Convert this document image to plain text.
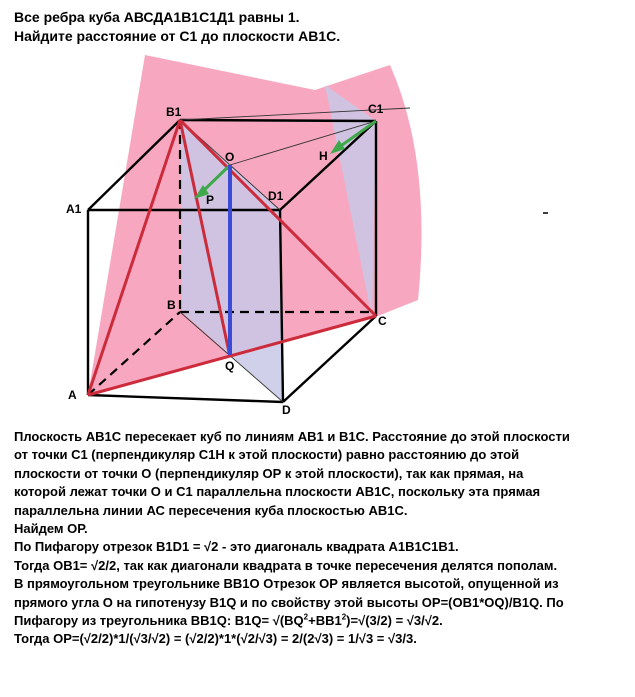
Все ребра куба АВСДА1В1С1Д1 равны 1.
Найдите расстояние от С1 до плоскости АВ1С.
B1	C1
A1
D1
O
P
H
B
C
Q
A
D
Плоскость АВ1С пересекает куб по линиям АВ1 и В1С. Расстояние до этой плоскости
от точки С1 (перпендикуляр С1Н к этой плоскости) равно расстоянию до этой
плоскости от точки О (перпендикуляр ОР к этой плоскости), так как прямая, на
которой лежат точки О и С1 параллельна плоскости АВ1С, поскольку эта прямая
параллельна линии АС пересечения куба плоскостью АВ1С.
Найдем ОР.
По Пифагору отрезок В1D1 = √2 - это диагональ квадрата A1B1C1B1.
Тогда ОВ1= √2/2, так как диагонали квадрата в точке пересечения делятся пополам.
В прямоугольном треугольнике ВВ1О Отрезок ОР является высотой, опущенной из
прямого угла О на гипотенузу В1Q и по свойству этой высоты ОР=(ОВ1*ОQ)/B1Q. По
Пифагору из треугольника ВВ1Q: $B1Q= √(BQ^2+BB1^2)=√(3/2) = √3/√2$.
Тогда ОР=(√2/2)*1/(√3/√2) = (√2/2)*1*(√2/√3) = 2/(2√3) = 1/√3 = √3/3.
